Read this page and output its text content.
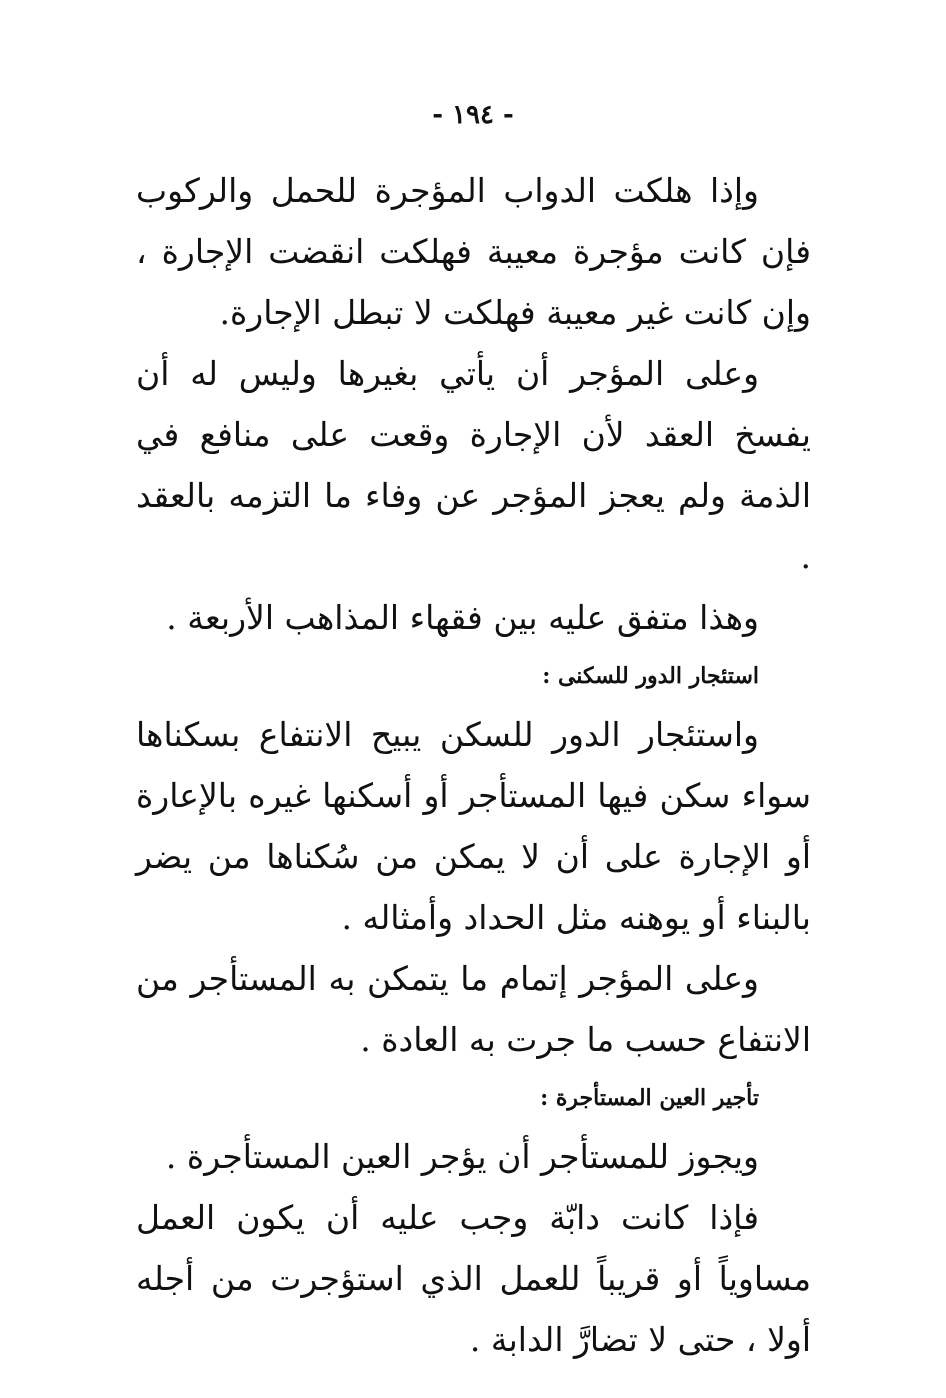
- ١٩٤ -

وإذا هلكت الدواب المؤجرة للحمل والركوب فإن كانت مؤجرة معيبة فهلكت انقضت الإجارة ، وإن كانت غير معيبة فهلكت لا تبطل الإجارة.

وعلى المؤجر أن يأتي بغيرها وليس له أن يفسخ العقد لأن الإجارة وقعت على منافع في الذمة ولم يعجز المؤجر عن وفاء ما التزمه بالعقد .

وهذا متفق عليه بين فقهاء المذاهب الأربعة .

استئجار الدور للسكنى :

واستئجار الدور للسكن يبيح الانتفاع بسكناها سواء سكن فيها المستأجر أو أسكنها غيره بالإعارة أو الإجارة على أن لا يمكن من سُكناها من يضر بالبناء أو يوهنه مثل الحداد وأمثاله .

وعلى المؤجر إتمام ما يتمكن به المستأجر من الانتفاع حسب ما جرت به العادة .

تأجير العين المستأجرة :

ويجوز للمستأجر أن يؤجر العين المستأجرة .

فإذا كانت دابّة وجب عليه أن يكون العمل مساوياً أو قريباً للعمل الذي استؤجرت من أجله أولا ، حتى لا تضارَّ الدابة .
